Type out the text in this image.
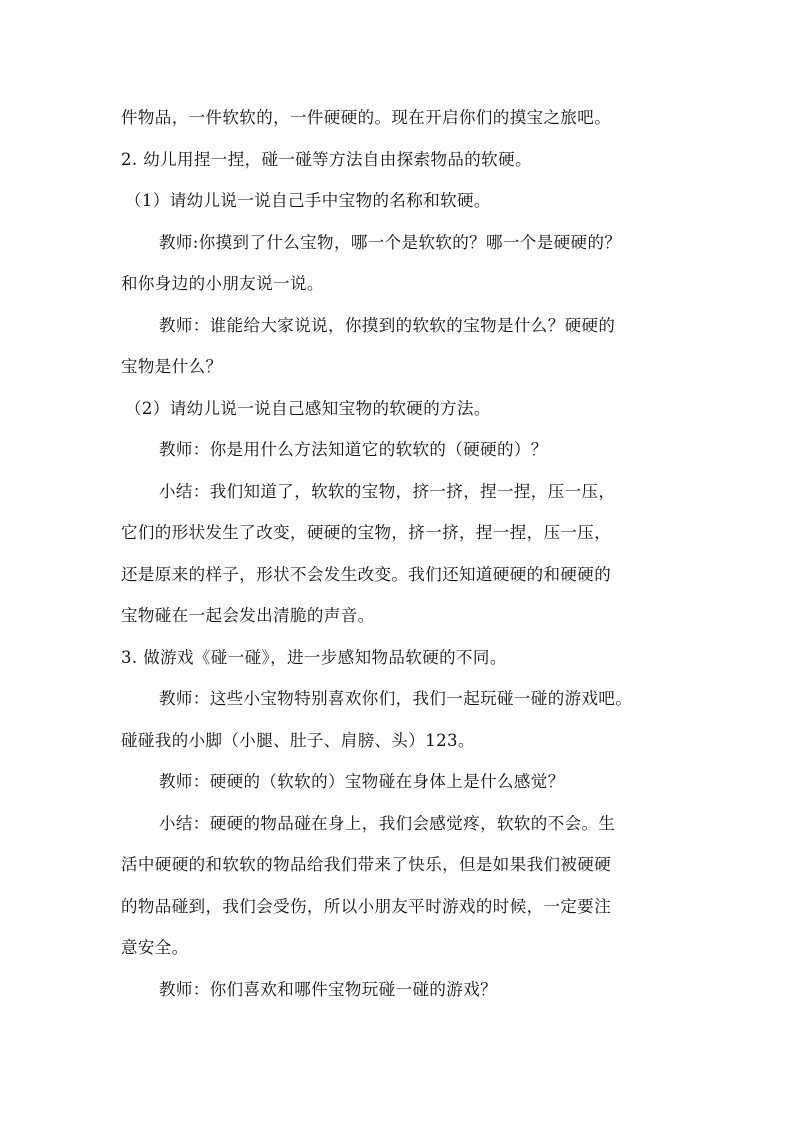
件物品，一件软软的，一件硬硬的。现在开启你们的摸宝之旅吧。
2. 幼儿用捏一捏，碰一碰等方法自由探索物品的软硬。
（1）请幼儿说一说自己手中宝物的名称和软硬。
教师:你摸到了什么宝物，哪一个是软软的？哪一个是硬硬的？
和你身边的小朋友说一说。
教师：谁能给大家说说，你摸到的软软的宝物是什么？硬硬的
宝物是什么？
（2）请幼儿说一说自己感知宝物的软硬的方法。
教师：你是用什么方法知道它的软软的（硬硬的）？
小结：我们知道了，软软的宝物，挤一挤，捏一捏，压一压，
它们的形状发生了改变，硬硬的宝物，挤一挤，捏一捏，压一压，
还是原来的样子，形状不会发生改变。我们还知道硬硬的和硬硬的
宝物碰在一起会发出清脆的声音。
3. 做游戏《碰一碰》，进一步感知物品软硬的不同。
教师：这些小宝物特别喜欢你们，我们一起玩碰一碰的游戏吧。
碰碰我的小脚（小腿、肚子、肩膀、头）123。
教师：硬硬的（软软的）宝物碰在身体上是什么感觉？
小结：硬硬的物品碰在身上，我们会感觉疼，软软的不会。生
活中硬硬的和软软的物品给我们带来了快乐，但是如果我们被硬硬
的物品碰到，我们会受伤，所以小朋友平时游戏的时候，一定要注
意安全。
教师：你们喜欢和哪件宝物玩碰一碰的游戏？
